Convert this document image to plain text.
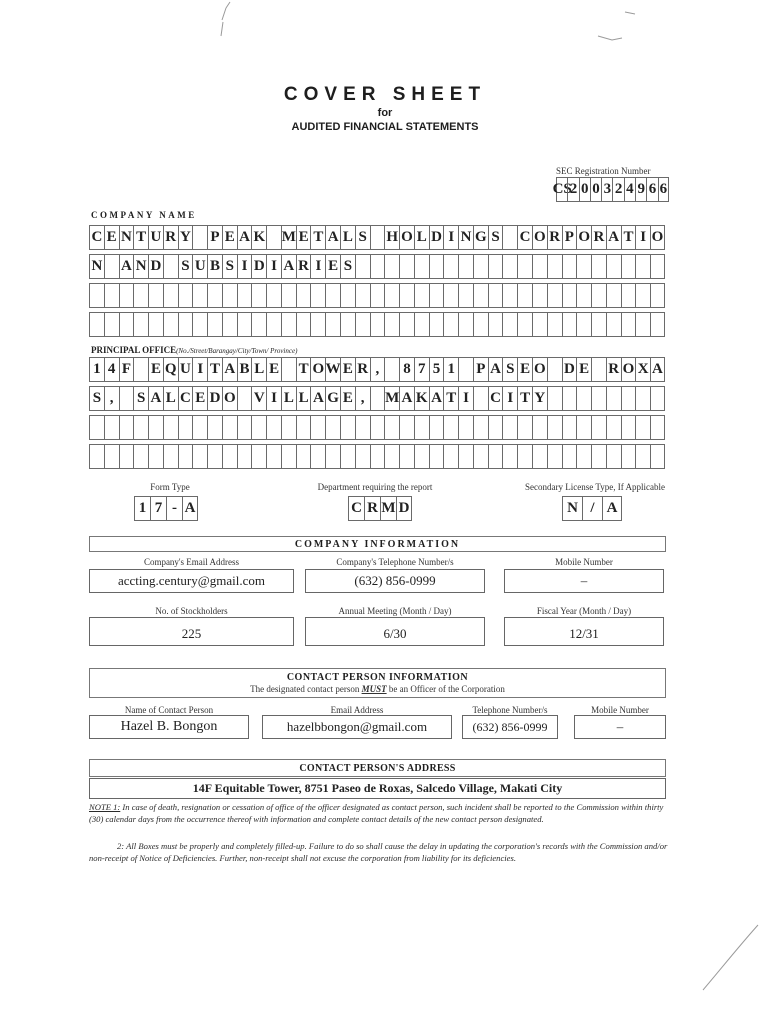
COVER SHEET
for
AUDITED FINANCIAL STATEMENTS
SEC Registration Number
CS
2 0 0 3 2 4 9 6 6
COMPANY NAME
C E N T U R Y P E A K M E T A L S H O L D I N G S C O R P O R A T I O
N A N D S U B S I D I A R I E S
PRINCIPAL OFFICE(No./Street/Barangay/City/Town/ Province)
1 4 F E Q U I T A B L E T O W E R ,	8 7 5 1 P A S E O D E R O X A
S ,	S A L C E D O V I L L A G E ,	M A K A T I C I T Y
Form Type
1 7 - A
Department requiring the report
C R M D
Secondary License Type, If Applicable
N / A
COMPANY INFORMATION
Company's Email Address
accting.century@gmail.com
Company's Telephone Number/s
(632) 856-0999
Mobile Number
–
No. of Stockholders
225
Annual Meeting (Month / Day)
6/30
Fiscal Year (Month / Day)
12/31
CONTACT PERSON INFORMATION
The designated contact person MUST be an Officer of the Corporation
Name of Contact Person
Hazel B. Bongon
Email Address
hazelbbongon@gmail.com
Telephone Number/s
(632) 856-0999
Mobile Number
–
CONTACT PERSON'S ADDRESS
14F Equitable Tower, 8751 Paseo de Roxas, Salcedo Village, Makati City
NOTE 1: In case of death, resignation or cessation of office of the officer designated as contact person, such incident shall be reported to the Commission within thirty (30) calendar days from the occurrence thereof with information and complete contact details of the new contact person designated.
2: All Boxes must be properly and completely filled-up. Failure to do so shall cause the delay in updating the corporation's records with the Commission and/or non-receipt of Notice of Deficiencies. Further, non-receipt shall not excuse the corporation from liability for its deficiencies.
